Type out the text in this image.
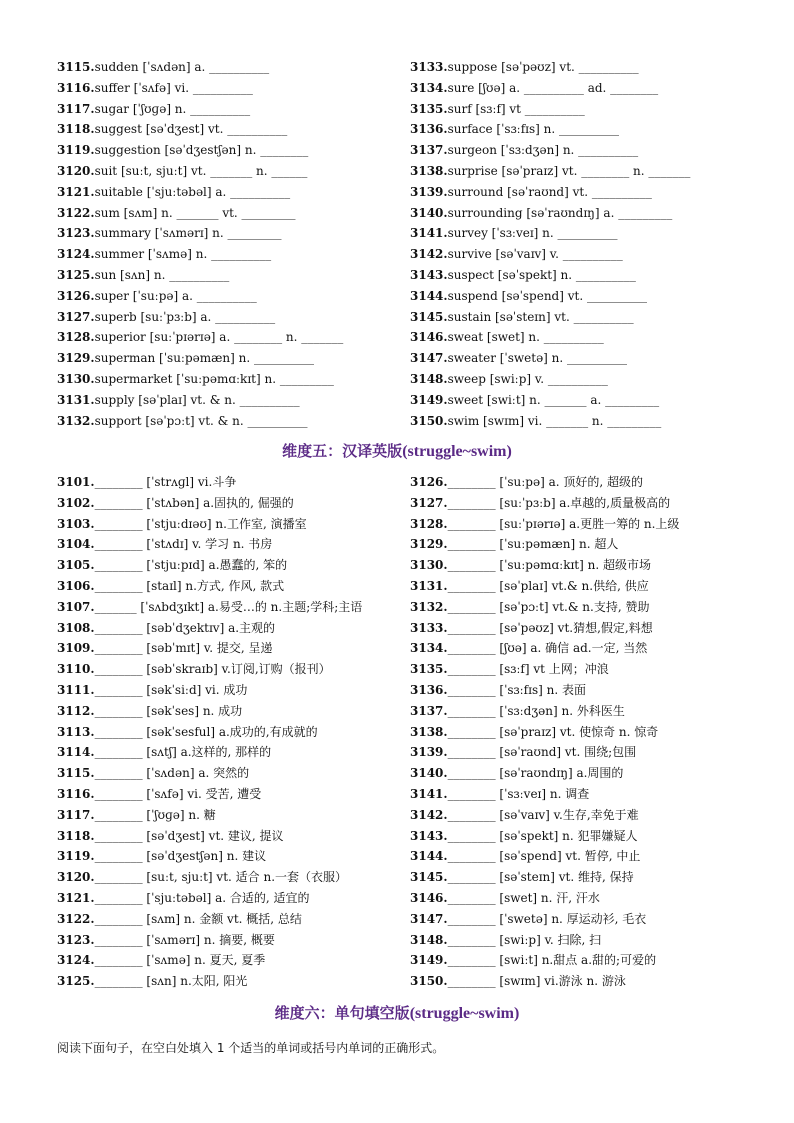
3115.sudden [ˈsʌdən] a. __________
3116.suffer [ˈsʌfə] vi. __________
3117.sugar [ˈʃʊɡə] n. __________
3118.suggest [səˈdʒest] vt. __________
3119.suggestion [səˈdʒestʃən] n. ________
3120.suit [suːt, sjuːt] vt. _______ n. ______
3121.suitable [ˈsjuːtəbəl] a. __________
3122.sum [sʌm] n. _______ vt. _________
3123.summary [ˈsʌmərɪ] n. _________
3124.summer [ˈsʌmə] n. __________
3125.sun [sʌn] n. __________
3126.super [ˈsuːpə] a. __________
3127.superb [suːˈpɜːb] a. __________
3128.superior [suːˈpɪərɪə] a. ________ n. _______
3129.superman [ˈsuːpəmæn] n. __________
3130.supermarket [ˈsuːpəmɑːkɪt] n. _________
3131.supply [səˈplaɪ] vt. & n. __________
3132.support [səˈpɔːt] vt. & n. __________
3133.suppose [səˈpəʊz] vt. __________
3134.sure [ʃʊə] a. __________ ad. ________
3135.surf [sɜːf] vt __________
3136.surface [ˈsɜːfɪs] n. __________
3137.surgeon [ˈsɜːdʒən] n. __________
3138.surprise [səˈpraɪz] vt. ________ n. _______
3139.surround [səˈraʊnd] vt. __________
3140.surrounding [səˈraʊndɪŋ] a. _________
3141.survey [ˈsɜːveɪ] n. __________
3142.survive [səˈvaɪv] v. __________
3143.suspect [səˈspekt] n. __________
3144.suspend [səˈspend] vt. __________
3145.sustain [səˈsteɪn] vt. __________
3146.sweat [swet] n. __________
3147.sweater [ˈswetə] n. __________
3148.sweep [swiːp] v. __________
3149.sweet [swiːt] n. _______ a. _________
3150.swim [swɪm] vi. _______ n. _________
维度五：汉译英版(struggle~swim)
3101.________ [ˈstrʌɡl] vi.斗争
3102.________ [ˈstʌbən] a.固执的, 倔强的
3103.________ [ˈstjuːdɪəʊ] n.工作室, 演播室
3104.________ [ˈstʌdɪ] v. 学习 n. 书房
3105.________ [ˈstjuːpɪd] a.愚蠢的, 笨的
3106.________ [staɪl] n.方式, 作风, 款式
3107._______ [ˈsʌbdʒɪkt] a.易受…的 n.主题;学科;主语
3108.________ [səbˈdʒektɪv] a.主观的
3109.________ [səbˈmɪt] v. 提交, 呈递
3110.________ [səbˈskraɪb] v.订阅,订购（报刊）
3111.________ [səkˈsiːd] vi. 成功
3112.________ [səkˈses] n. 成功
3113.________ [səkˈsesful] a.成功的,有成就的
3114.________ [sʌtʃ] a.这样的, 那样的
3115.________ [ˈsʌdən] a. 突然的
3116.________ [ˈsʌfə] vi. 受苦, 遭受
3117.________ [ˈʃʊɡə] n. 糖
3118.________ [səˈdʒest] vt. 建议, 提议
3119.________ [səˈdʒestʃən] n. 建议
3120.________ [suːt, sjuːt] vt. 适合 n.一套（衣服）
3121.________ [ˈsjuːtəbəl] a. 合适的, 适宜的
3122.________ [sʌm] n. 金额 vt. 概括, 总结
3123.________ [ˈsʌmərɪ] n. 摘要, 概要
3124.________ [ˈsʌmə] n. 夏天, 夏季
3125.________ [sʌn] n.太阳, 阳光
3126.________ [ˈsuːpə] a. 顶好的, 超级的
3127.________ [suːˈpɜːb] a.卓越的,质量极高的
3128.________ [suːˈpɪərɪə] a.更胜一筹的 n.上级
3129.________ [ˈsuːpəmæn] n. 超人
3130.________ [ˈsuːpəmɑːkɪt] n. 超级市场
3131.________ [səˈplaɪ] vt.& n.供给, 供应
3132.________ [səˈpɔːt] vt.& n.支持, 赞助
3133.________ [səˈpəʊz] vt.猜想,假定,料想
3134.________ [ʃʊə] a. 确信 ad.一定, 当然
3135.________ [sɜːf] vt 上网；冲浪
3136.________ [ˈsɜːfɪs] n. 表面
3137.________ [ˈsɜːdʒən] n. 外科医生
3138.________ [səˈpraɪz] vt. 使惊奇 n. 惊奇
3139.________ [səˈraʊnd] vt. 围绕;包围
3140.________ [səˈraʊndɪŋ] a.周围的
3141.________ [ˈsɜːveɪ] n. 调查
3142.________ [səˈvaɪv] v.生存,幸免于难
3143.________ [səˈspekt] n. 犯罪嫌疑人
3144.________ [səˈspend] vt. 暂停, 中止
3145.________ [səˈsteɪn] vt. 维持, 保持
3146.________ [swet] n. 汗, 汗水
3147.________ [ˈswetə] n. 厚运动衫, 毛衣
3148.________ [swiːp] v. 扫除, 扫
3149.________ [swiːt] n.甜点 a.甜的;可爱的
3150.________ [swɪm] vi.游泳 n. 游泳
维度六：单句填空版(struggle~swim)
阅读下面句子，在空白处填入 1 个适当的单词或括号内单词的正确形式。
